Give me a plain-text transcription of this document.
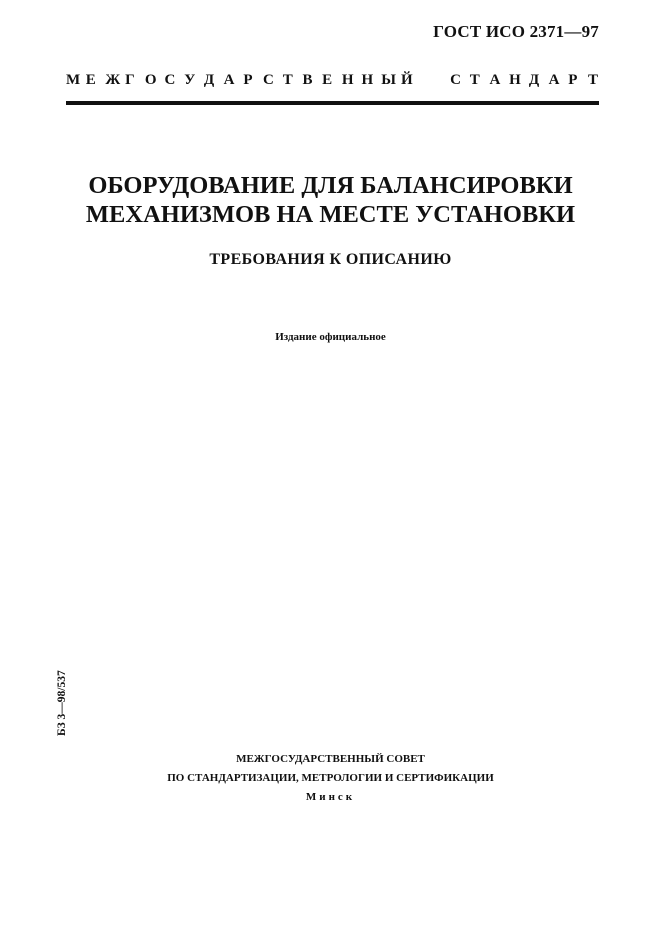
ГОСТ ИСО 2371—97
М Е Ж Г О С У Д А Р С Т В Е Н Н Ы Й	С Т А Н Д А Р Т
ОБОРУДОВАНИЕ ДЛЯ БАЛАНСИРОВКИ
МЕХАНИЗМОВ НА МЕСТЕ УСТАНОВКИ
ТРЕБОВАНИЯ К ОПИСАНИЮ
Издание официальное
БЗ 3—98/537
МЕЖГОСУДАРСТВЕННЫЙ СОВЕТ
ПО СТАНДАРТИЗАЦИИ, МЕТРОЛОГИИ И СЕРТИФИКАЦИИ
Минск
